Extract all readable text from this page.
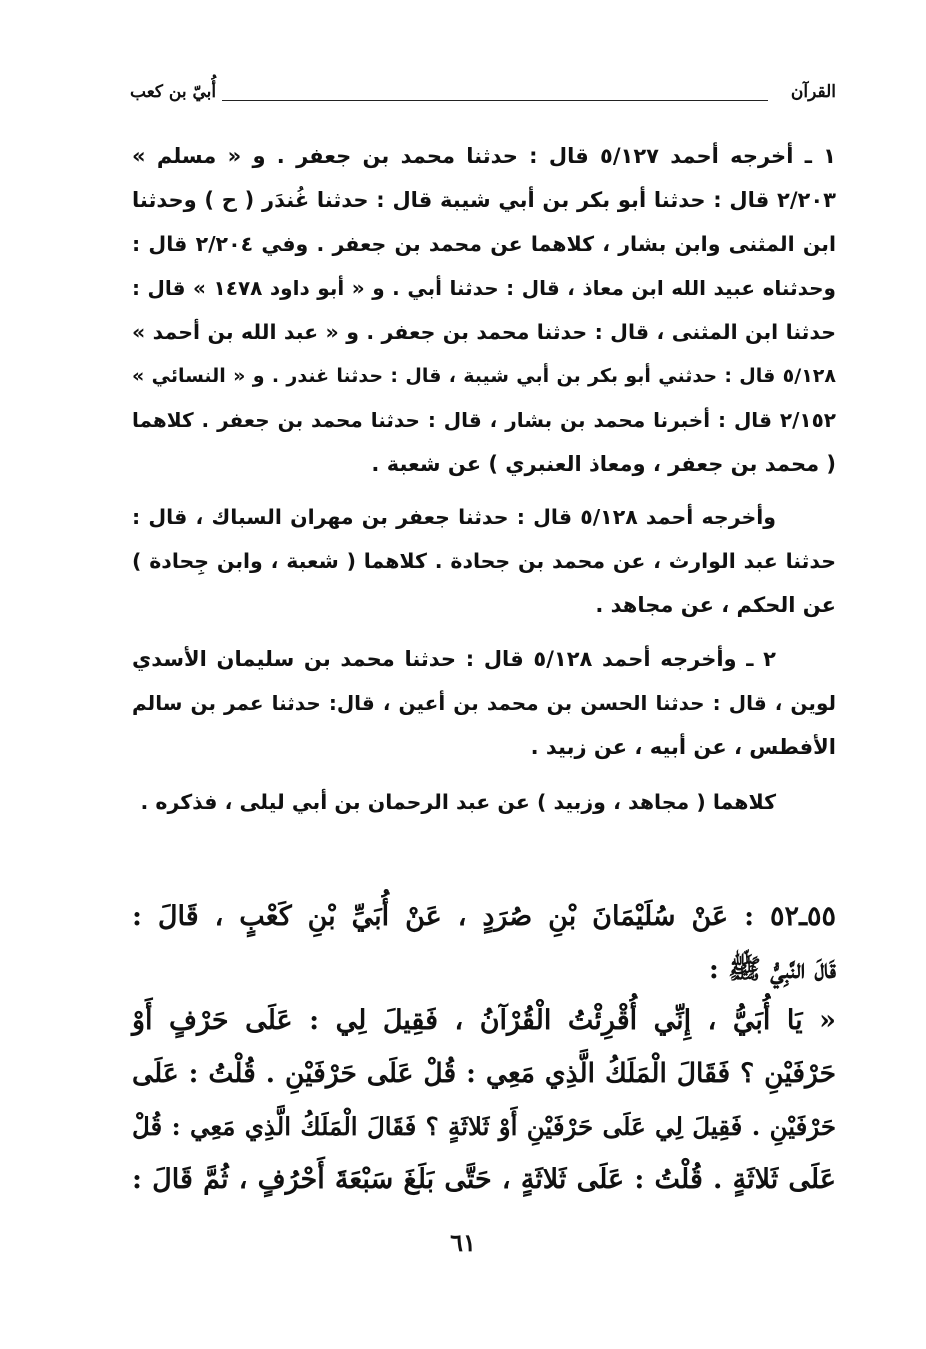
القرآن
أُبيّ بن كعب
١ ـ أخرجه أحمد ٥/١٢٧ قال : حدثنا محمد بن جعفر . و « مسلم »
٢/٢٠٣ قال : حدثنا أبو بكر بن أبي شيبة قال : حدثنا غُندَر ( ح ) وحدثنا
ابن المثنى وابن بشار ، كلاهما عن محمد بن جعفر . وفي ٢/٢٠٤ قال :
وحدثناه عبيد الله ابن معاذ ، قال : حدثنا أبي . و « أبو داود ١٤٧٨ » قال :
حدثنا ابن المثنى ، قال : حدثنا محمد بن جعفر . و « عبد الله بن أحمد »
٥/١٢٨ قال : حدثني أبو بكر بن أبي شيبة ، قال : حدثنا غندر . و « النسائي »
٢/١٥٢ قال : أخبرنا محمد بن بشار ، قال : حدثنا محمد بن جعفر . كلاهما
( محمد بن جعفر ، ومعاذ العنبري ) عن شعبة .
وأخرجه أحمد ٥/١٢٨ قال : حدثنا جعفر بن مهران السباك ، قال :
حدثنا عبد الوارث ، عن محمد بن جحادة . كلاهما ( شعبة ، وابن جِحادة )
عن الحكم ، عن مجاهد .
٢ ـ وأخرجه أحمد ٥/١٢٨ قال : حدثنا محمد بن سليمان الأسدي
لوين ، قال : حدثنا الحسن بن محمد بن أعين ، قال: حدثنا عمر بن سالم
الأفطس ، عن أبيه ، عن زبيد .
كلاهما ( مجاهد ، وزبيد ) عن عبد الرحمان بن أبي ليلى ، فذكره .
٥٥ـ٥٢ : عَنْ سُلَيْمَانَ بْنِ صُرَدٍ ، عَنْ أُبَيِّ بْنِ كَعْبٍ ، قَالَ :
قَالَ النَّبِيُّ ﷺ :
« يَا أُبَيُّ ، إِنِّي أُقْرِئْتُ الْقُرْآنُ ، فَقِيلَ لِي : عَلَى حَرْفٍ أَوْ
حَرْفَيْنِ ؟ فَقَالَ الْمَلَكُ الَّذِي مَعِي : قُلْ عَلَى حَرْفَيْنِ . قُلْتُ : عَلَى
حَرْفَيْنِ . فَقِيلَ لِي عَلَى حَرْفَيْنِ أَوْ ثَلاثَةٍ ؟ فَقَالَ الْمَلَكُ الَّذِي مَعِي : قُلْ
عَلَى ثَلاثَةٍ . قُلْتُ : عَلَى ثَلاثَةٍ ، حَتَّى بَلَغَ سَبْعَةَ أَحْرُفٍ ، ثُمَّ قَالَ :
٦١
